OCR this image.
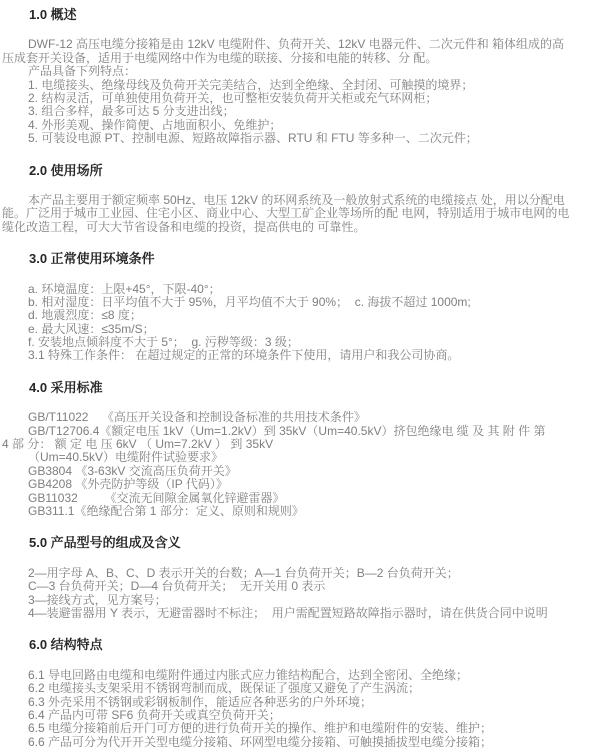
1.0 概述
DWF-12 高压电缆分接箱是由 12kV 电缆附件、负荷开关、12kV 电器元件、二次元件和 箱体组成的高
压成套开关设备，适用于电缆网络中作为电缆的联接、分接和电能的转移、分 配。
产品具备下列特点：
1. 电缆接头、绝缘母线及负荷开关完美结合，达到全绝缘、全封闭、可触摸的境界；
2. 结构灵活，可单独使用负荷开关，也可整柜安装负荷开关柜或充气环网柜；
3. 组合多样，最多可达 5 分支进出线；
4. 外形美观、操作简便、占地面积小、免维护；
5. 可装设电源 PT、控制电源、短路故障指示器、RTU 和 FTU 等多种一、二次元件；
2.0 使用场所
本产品主要用于额定频率 50Hz、电压 12kV 的环网系统及一般放射式系统的电缆接点 处，用以分配电
能。广泛用于城市工业园、住宅小区、商业中心、大型工矿企业等场所的配 电网，特别适用于城市电网的电
缆化改造工程，可大大节省设备和电缆的投资，提高供电的 可靠性。
3.0 正常使用环境条件
a. 环境温度：上限+45°，下限-40°；
b. 相对湿度：日平均值不大于 95%，月平均值不大于 90%；  c. 海拔不超过 1000m;
d. 地震烈度：≤8 度；
e. 最大风速：≤35m/S；
f. 安装地点倾斜度不大于 5°；  g. 污秽等级：3 级；
3.1 特殊工作条件： 在超过规定的正常的环境条件下使用，请用户和我公司协商。
4.0 采用标准
GB/T11022    《高压开关设备和控制设备标准的共用技术条件》
GB/T12706.4《额定电压 1kV（Um=1.2kV）到 35kV（Um=40.5kV）挤包绝缘电 缆 及 其 附 件 第
4 部 分： 额 定 电 压 6kV （ Um=7.2kV ） 到 35kV
（Um=40.5kV）电缆附件试验要求》
GB3804 《3-63kV 交流高压负荷开关》
GB4208 《外壳防护等级（IP 代码）》
GB11032        《交流无间隙金属氧化锌避雷器》
GB311.1《绝缘配合第 1 部分：定义、原则和规则》
5.0 产品型号的组成及含义
2—用字母 A、B、C、D 表示开关的台数；A—1 台负荷开关；B—2 台负荷开关；
C—3 台负荷开关；D—4 台负荷开关；  无开关用 0 表示
3—接线方式，见方案号；
4—装避雷器用 Y 表示，无避雷器时不标注；  用户需配置短路故障指示器时，请在供货合同中说明
6.0 结构特点
6.1 导电回路由电缆和电缆附件通过内胀式应力锥结构配合，达到全密闭、全绝缘；
6.2 电缆接头支架采用不锈钢弯制而成，既保证了强度又避免了产生涡流；
6.3 外壳采用不锈钢或彩钢板制作，能适应各种恶劣的户外环境；
6.4 产品内可带 SF6 负荷开关或真空负荷开关；
6.5 电缆分接箱前后开门可方便的进行负荷开关的操作、维护和电缆附件的安装、维护；
6.6 产品可分为代开开关型电缆分接箱、环网型电缆分接箱、可触摸插拔型电缆分接箱；
